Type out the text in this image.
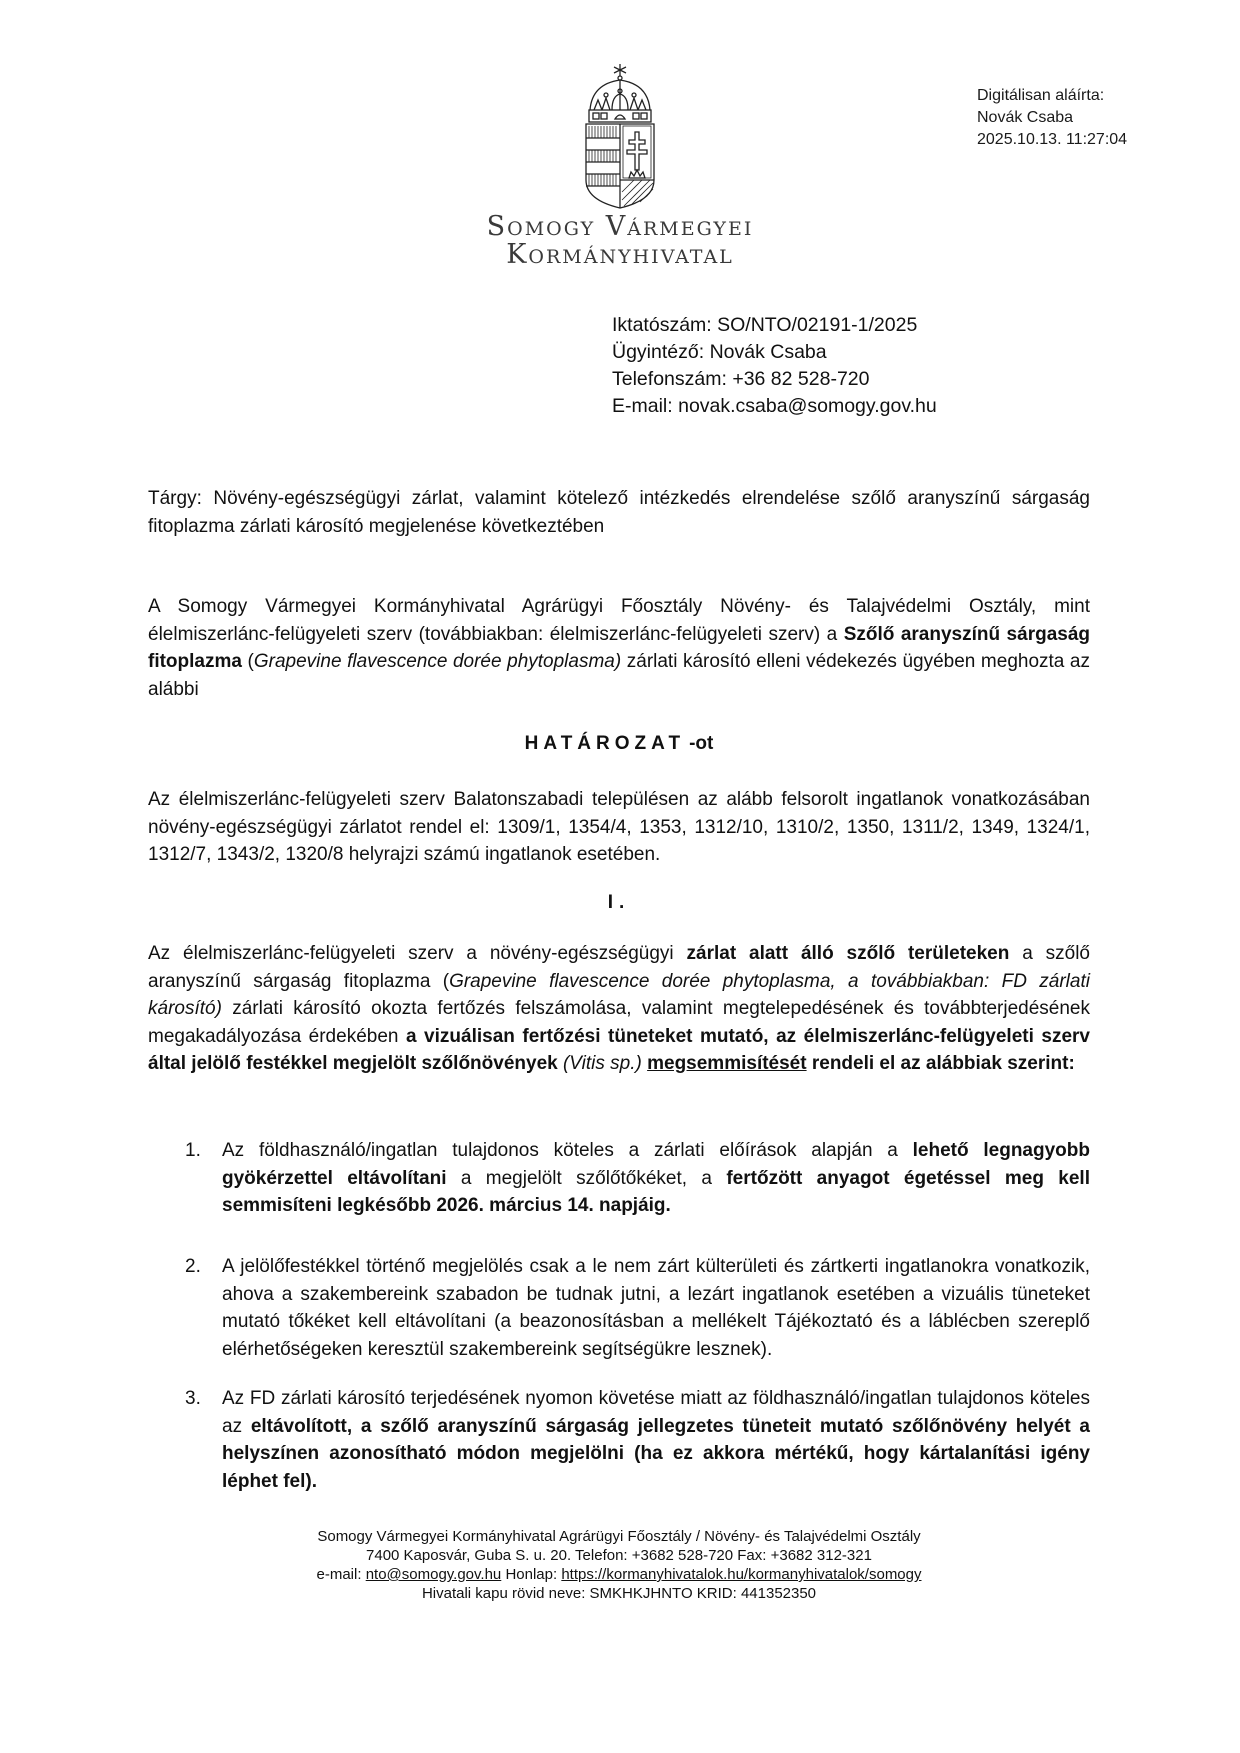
Somogy Vármegyei
Kormányhivatal
Digitálisan aláírta:
Novák Csaba
2025.10.13. 11:27:04
Iktatószám: SO/NTO/02191-1/2025
Ügyintéző: Novák Csaba
Telefonszám: +36 82 528-720
E-mail: novak.csaba@somogy.gov.hu

Tárgy: Növény-egészségügyi zárlat, valamint kötelező intézkedés elrendelése szőlő aranyszínű sárgaság fitoplazma zárlati károsító megjelenése következtében

A Somogy Vármegyei Kormányhivatal Agrárügyi Főosztály Növény- és Talajvédelmi Osztály, mint élelmiszerlánc-felügyeleti szerv (továbbiakban: élelmiszerlánc-felügyeleti szerv) a Szőlő aranyszínű sárgaság fitoplazma (Grapevine flavescence dorée phytoplasma) zárlati károsító elleni védekezés ügyében meghozta az alábbi

HATÁROZAT -ot

Az élelmiszerlánc-felügyeleti szerv Balatonszabadi településen az alább felsorolt ingatlanok vonatkozásában növény-egészségügyi zárlatot rendel el: 1309/1, 1354/4, 1353, 1312/10, 1310/2, 1350, 1311/2, 1349, 1324/1, 1312/7, 1343/2, 1320/8 helyrajzi számú ingatlanok esetében.

I.

Az élelmiszerlánc-felügyeleti szerv a növény-egészségügyi zárlat alatt álló szőlő területeken a szőlő aranyszínű sárgaság fitoplazma (Grapevine flavescence dorée phytoplasma, a továbbiakban: FD zárlati károsító) zárlati károsító okozta fertőzés felszámolása, valamint megtelepedésének és továbbterjedésének megakadályozása érdekében a vizuálisan fertőzési tüneteket mutató, az élelmiszerlánc-felügyeleti szerv által jelölő festékkel megjelölt szőlőnövények (Vitis sp.) megsemmisítését rendeli el az alábbiak szerint:

1.	Az földhasználó/ingatlan tulajdonos köteles a zárlati előírások alapján a lehető legnagyobb gyökérzettel eltávolítani a megjelölt szőlőtőkéket, a fertőzött anyagot égetéssel meg kell semmisíteni legkésőbb 2026. március 14. napjáig.
2.	A jelölőfestékkel történő megjelölés csak a le nem zárt külterületi és zártkerti ingatlanokra vonatkozik, ahova a szakembereink szabadon be tudnak jutni, a lezárt ingatlanok esetében a vizuális tüneteket mutató tőkéket kell eltávolítani (a beazonosításban a mellékelt Tájékoztató és a láblécben szereplő elérhetőségeken keresztül szakembereink segítségükre lesznek).
3.	Az FD zárlati károsító terjedésének nyomon követése miatt az földhasználó/ingatlan tulajdonos köteles az eltávolított, a szőlő aranyszínű sárgaság jellegzetes tüneteit mutató szőlőnövény helyét a helyszínen azonosítható módon megjelölni (ha ez akkora mértékű, hogy kártalanítási igény léphet fel).
Somogy Vármegyei Kormányhivatal Agrárügyi Főosztály / Növény- és Talajvédelmi Osztály
7400 Kaposvár, Guba S. u. 20. Telefon: +3682 528-720 Fax: +3682 312-321
e-mail: nto@somogy.gov.hu Honlap: https://kormanyhivatalok.hu/kormanyhivatalok/somogy
Hivatali kapu rövid neve: SMKHKJHNTO KRID: 441352350
